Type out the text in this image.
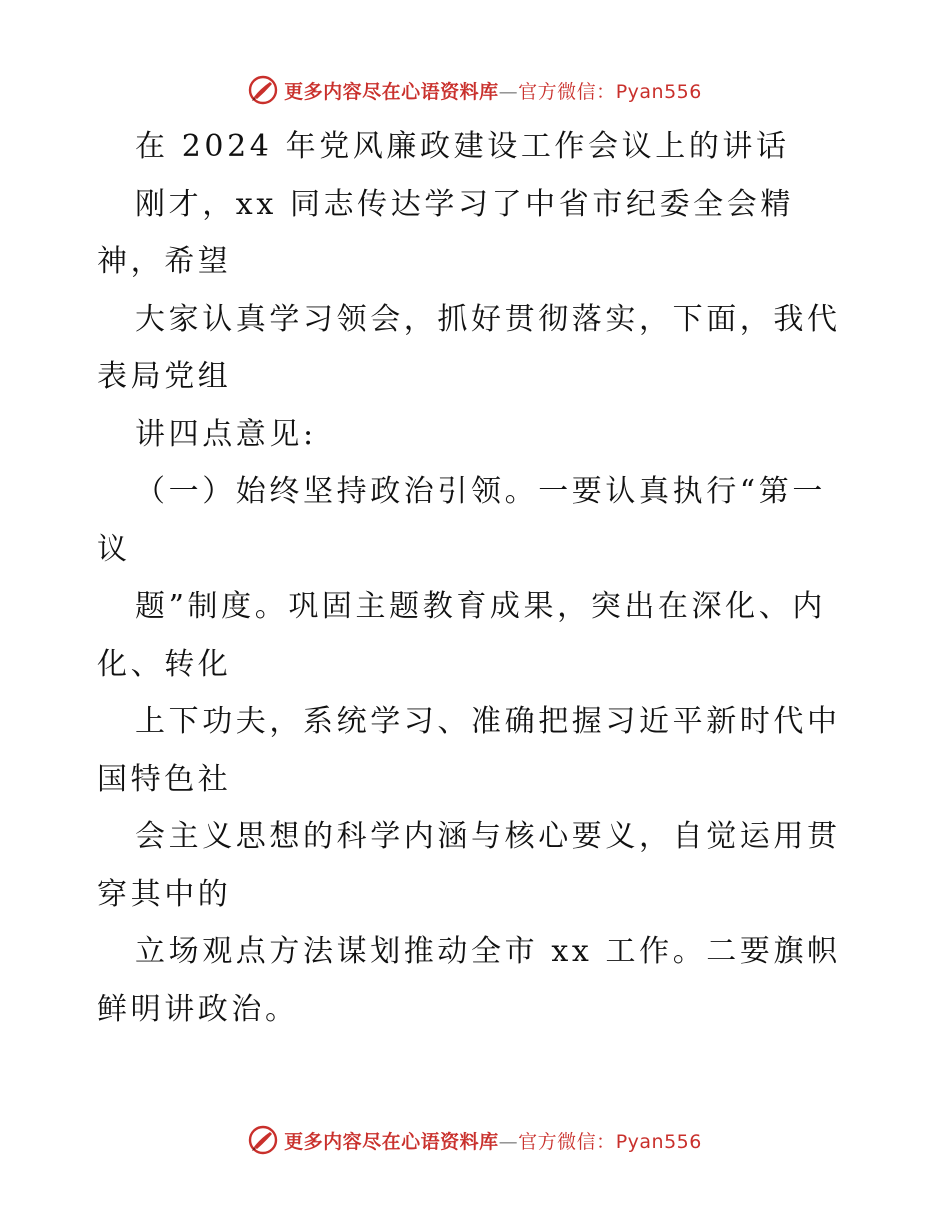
更多内容尽在心语资料库—官方微信：Pyan556
在 2024 年党风廉政建设工作会议上的讲话
刚才，xx 同志传达学习了中省市纪委全会精
神，希望
大家认真学习领会，抓好贯彻落实，下面，我代
表局党组
讲四点意见:
（一）始终坚持政治引领。一要认真执行“第一
议
题”制度。巩固主题教育成果，突出在深化、内
化、转化
上下功夫，系统学习、准确把握习近平新时代中
国特色社
会主义思想的科学内涵与核心要义，自觉运用贯
穿其中的
立场观点方法谋划推动全市 xx 工作。二要旗帜
鲜明讲政治。
更多内容尽在心语资料库—官方微信：Pyan556
